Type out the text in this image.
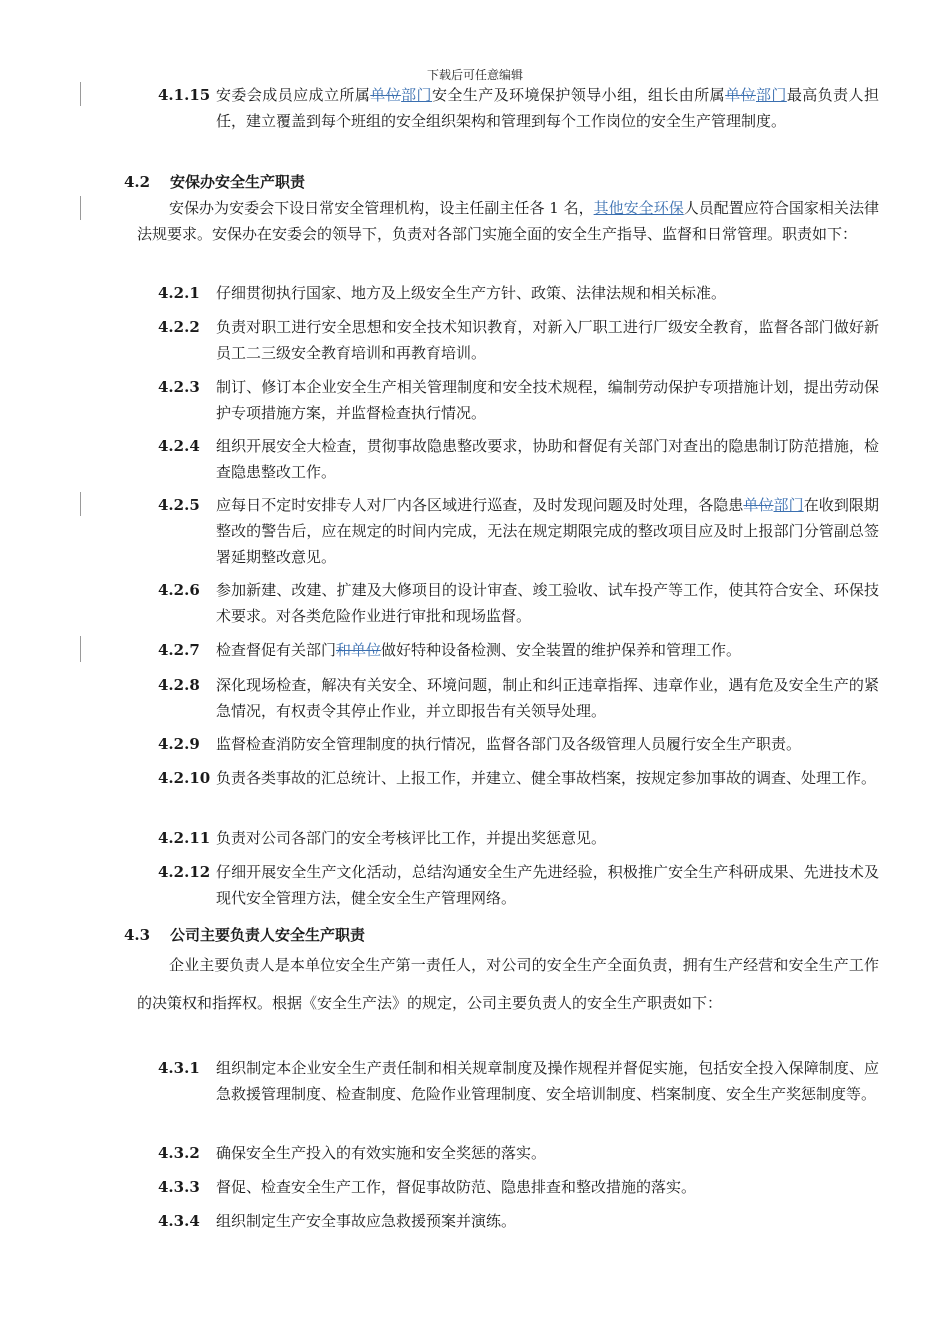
下载后可任意编辑
4.1.15 安委会成员应成立所属单位部门安全生产及环境保护领导小组，组长由所属单位部门最高负责人担任，建立覆盖到每个班组的安全组织架构和管理到每个工作岗位的安全生产管理制度。
4.2 安保办安全生产职责
安保办为安委会下设日常安全管理机构，设主任副主任各 1 名，其他安全环保人员配置应符合国家相关法律法规要求。安保办在安委会的领导下，负责对各部门实施全面的安全生产指导、监督和日常管理。职责如下：
4.2.1 仔细贯彻执行国家、地方及上级安全生产方针、政策、法律法规和相关标准。
4.2.2 负责对职工进行安全思想和安全技术知识教育，对新入厂职工进行厂级安全教育，监督各部门做好新员工二三级安全教育培训和再教育培训。
4.2.3 制订、修订本企业安全生产相关管理制度和安全技术规程，编制劳动保护专项措施计划，提出劳动保护专项措施方案，并监督检查执行情况。
4.2.4 组织开展安全大检查，贯彻事故隐患整改要求，协助和督促有关部门对查出的隐患制订防范措施，检查隐患整改工作。
4.2.5 应每日不定时安排专人对厂内各区域进行巡查，及时发现问题及时处理，各隐患单位部门在收到限期整改的警告后，应在规定的时间内完成，无法在规定期限完成的整改项目应及时上报部门分管副总签署延期整改意见。
4.2.6 参加新建、改建、扩建及大修项目的设计审查、竣工验收、试车投产等工作，使其符合安全、环保技术要求。对各类危险作业进行审批和现场监督。
4.2.7 检查督促有关部门和单位做好特种设备检测、安全装置的维护保养和管理工作。
4.2.8 深化现场检查，解决有关安全、环境问题，制止和纠正违章指挥、违章作业，遇有危及安全生产的紧急情况，有权责令其停止作业，并立即报告有关领导处理。
4.2.9 监督检查消防安全管理制度的执行情况，监督各部门及各级管理人员履行安全生产职责。
4.2.10 负责各类事故的汇总统计、上报工作，并建立、健全事故档案，按规定参加事故的调查、处理工作。
4.2.11 负责对公司各部门的安全考核评比工作，并提出奖惩意见。
4.2.12 仔细开展安全生产文化活动，总结沟通安全生产先进经验，积极推广安全生产科研成果、先进技术及现代安全管理方法，健全安全生产管理网络。
4.3 公司主要负责人安全生产职责
企业主要负责人是本单位安全生产第一责任人，对公司的安全生产全面负责，拥有生产经营和安全生产工作的决策权和指挥权。根据《安全生产法》的规定，公司主要负责人的安全生产职责如下：
4.3.1 组织制定本企业安全生产责任制和相关规章制度及操作规程并督促实施，包括安全投入保障制度、应急救援管理制度、检查制度、危险作业管理制度、安全培训制度、档案制度、安全生产奖惩制度等。
4.3.2 确保安全生产投入的有效实施和安全奖惩的落实。
4.3.3 督促、检查安全生产工作，督促事故防范、隐患排查和整改措施的落实。
4.3.4 组织制定生产安全事故应急救援预案并演练。
